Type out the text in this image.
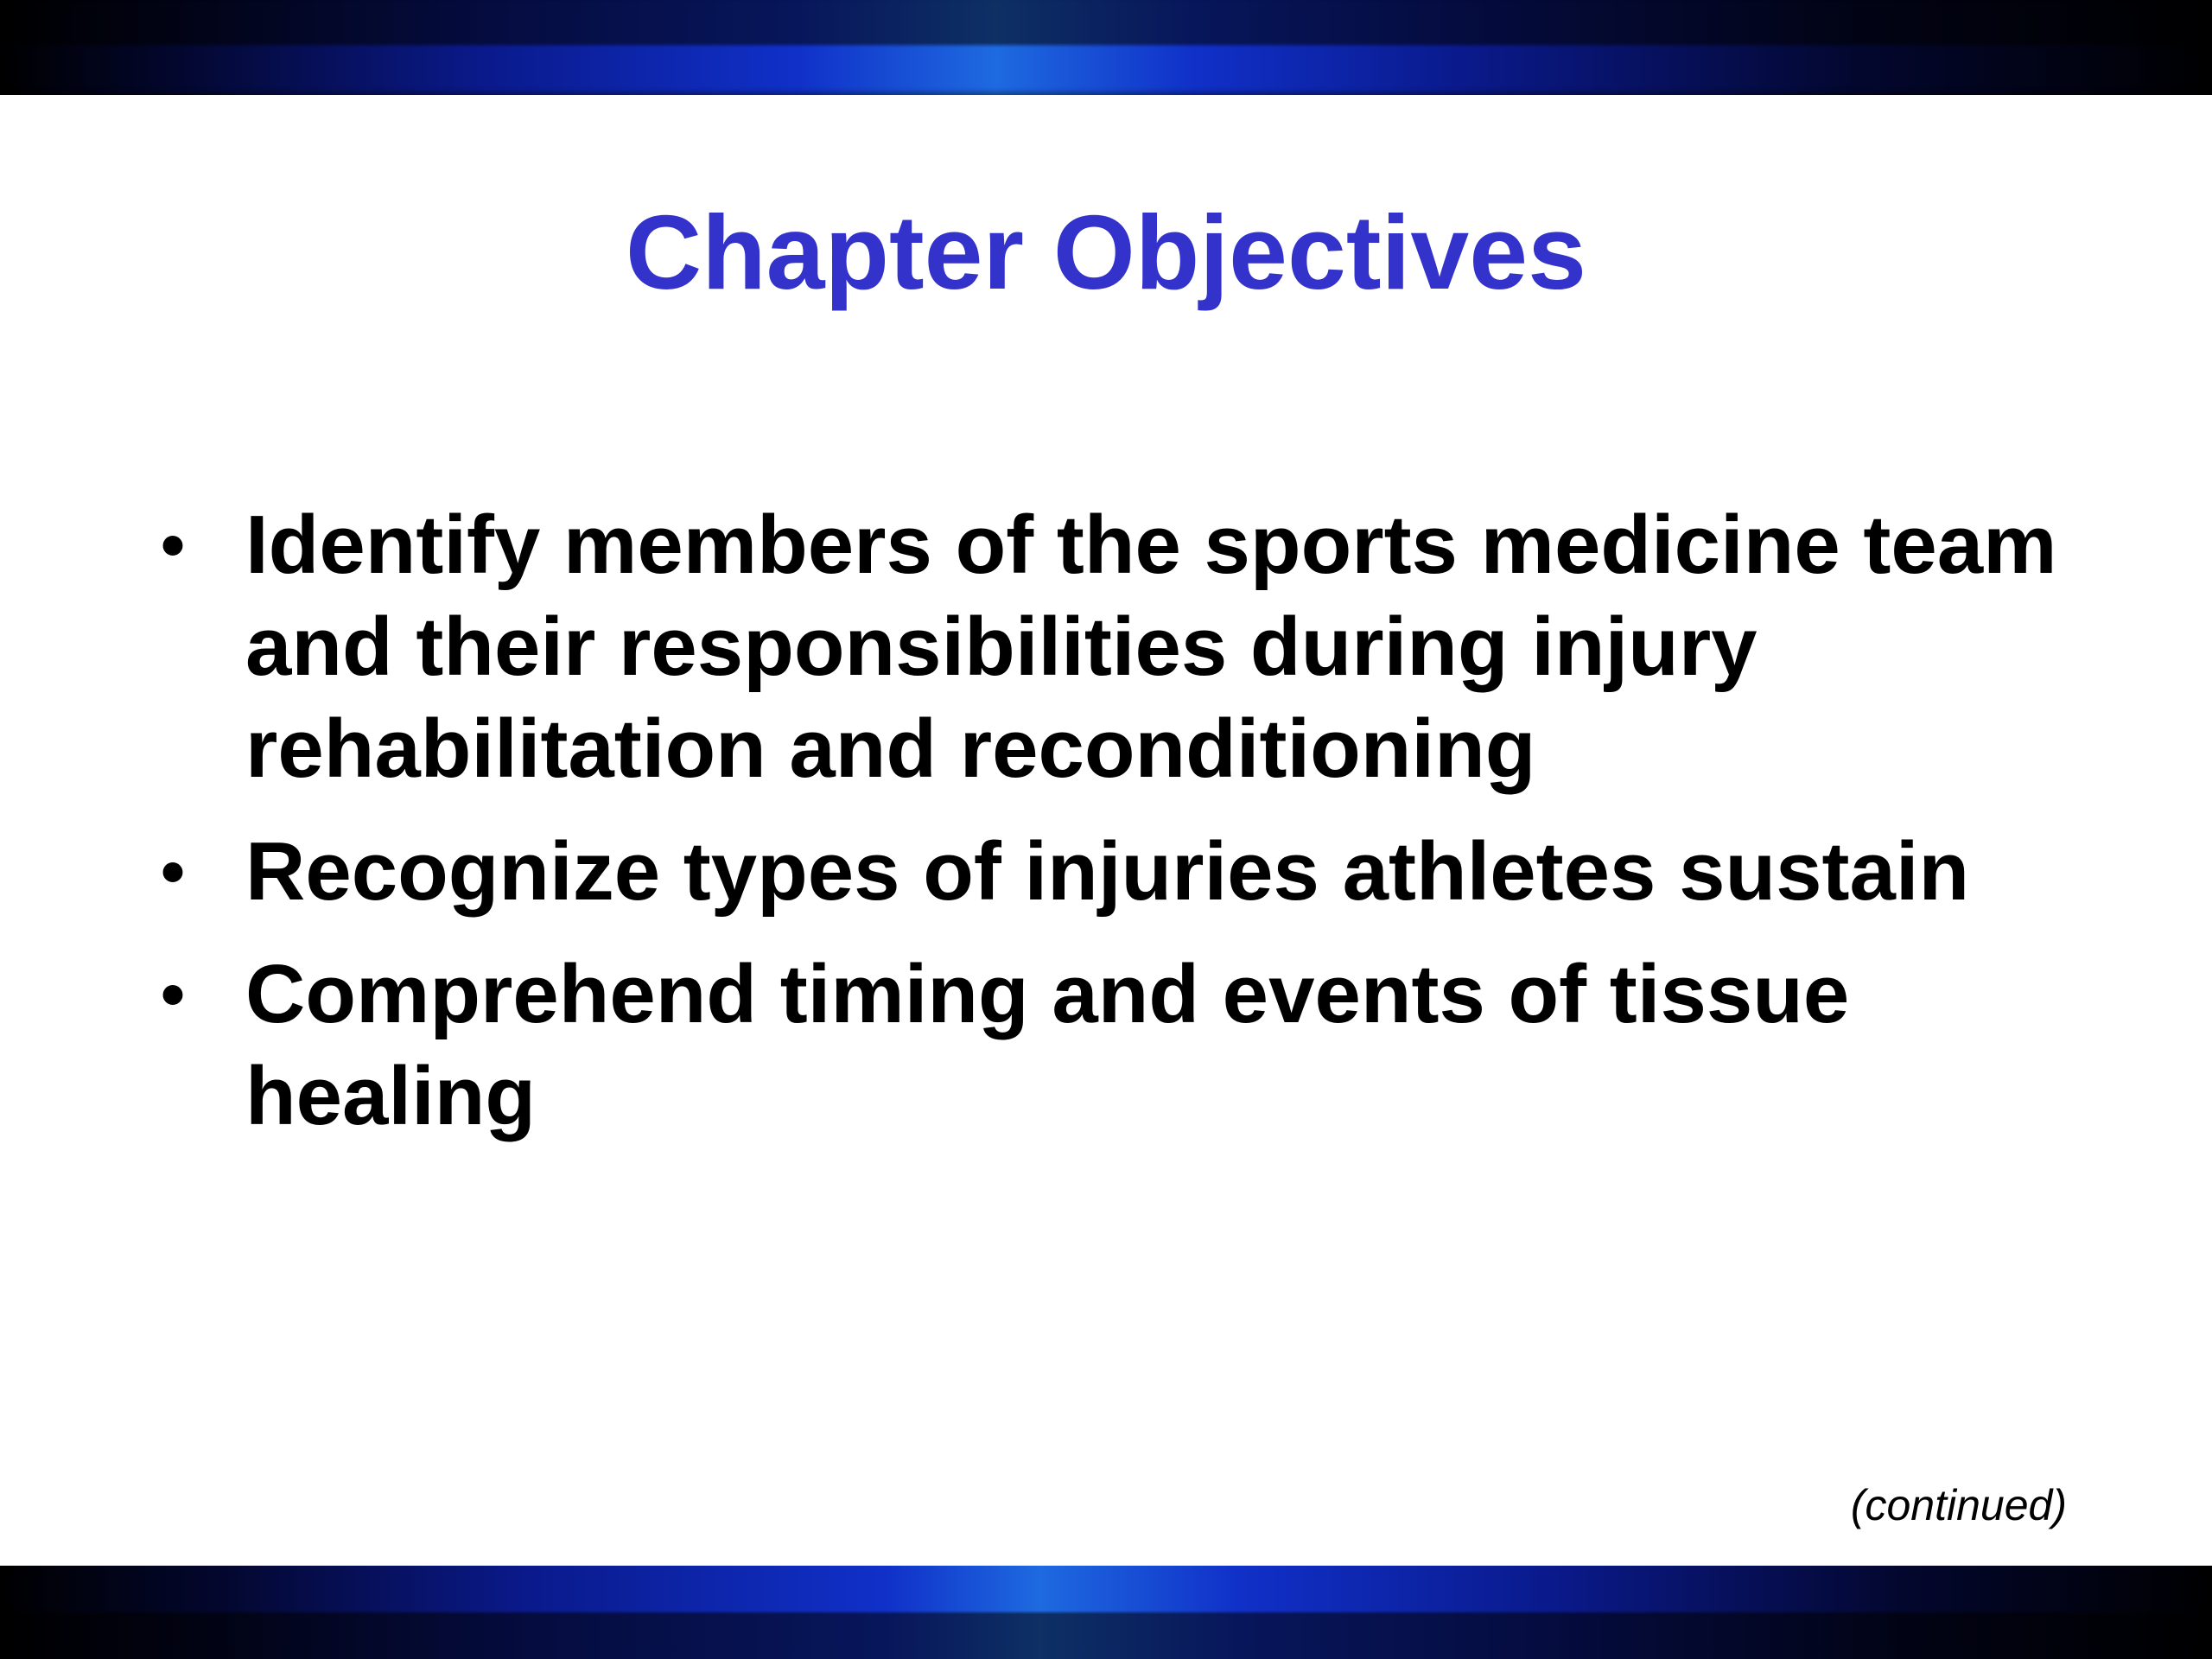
Chapter Objectives
• Identify members of the sports medicine team and their responsibilities during injury rehabilitation and reconditioning
• Recognize types of injuries athletes sustain
• Comprehend timing and events of tissue healing
(continued)
